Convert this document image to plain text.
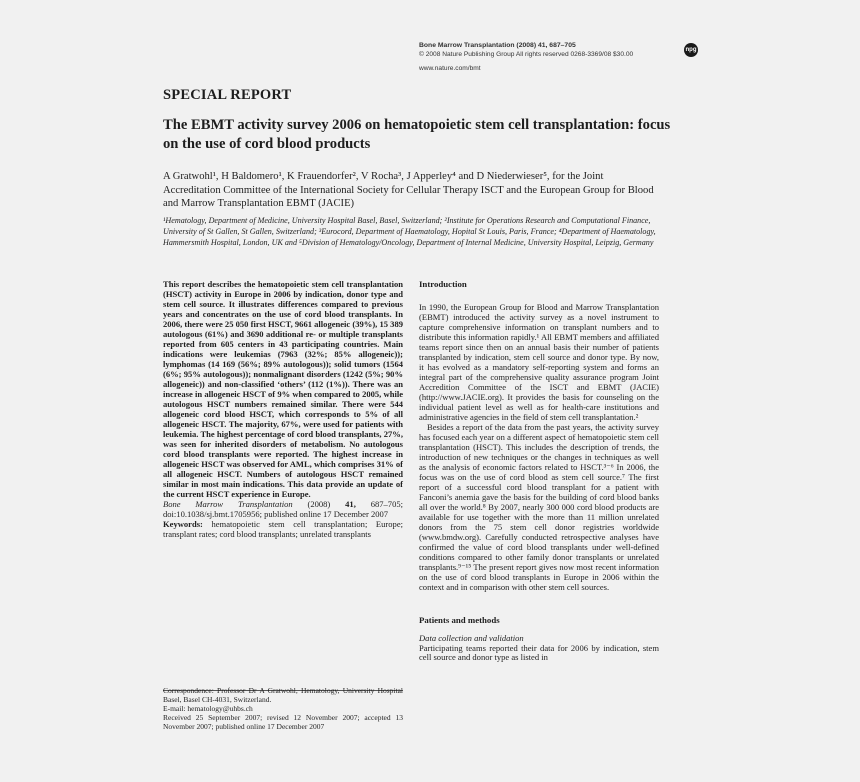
Bone Marrow Transplantation (2008) 41, 687–705
© 2008 Nature Publishing Group All rights reserved 0268-3369/08 $30.00
www.nature.com/bmt
npg
SPECIAL REPORT
The EBMT activity survey 2006 on hematopoietic stem cell transplantation: focus on the use of cord blood products
A Gratwohl¹, H Baldomero¹, K Frauendorfer², V Rocha³, J Apperley⁴ and D Niederwieser⁵, for the Joint Accreditation Committee of the International Society for Cellular Therapy ISCT and the European Group for Blood and Marrow Transplantation EBMT (JACIE)
¹Hematology, Department of Medicine, University Hospital Basel, Basel, Switzerland; ²Institute for Operations Research and Computational Finance, University of St Gallen, St Gallen, Switzerland; ³Eurocord, Department of Haematology, Hopital St Louis, Paris, France; ⁴Department of Haematology, Hammersmith Hospital, London, UK and ⁵Division of Hematology/Oncology, Department of Internal Medicine, University Hospital, Leipzig, Germany

This report describes the hematopoietic stem cell transplantation (HSCT) activity in Europe in 2006 by indication, donor type and stem cell source. It illustrates differences compared to previous years and concentrates on the use of cord blood transplants. In 2006, there were 25 050 first HSCT, 9661 allogeneic (39%), 15 389 autologous (61%) and 3690 additional re- or multiple transplants reported from 605 centers in 43 participating countries. Main indications were leukemias (7963 (32%; 85% allogeneic)); lymphomas (14 169 (56%; 89% autologous)); solid tumors (1564 (6%; 95% autologous)); nonmalignant disorders (1242 (5%; 90% allogeneic)) and non-classified ‘others’ (112 (1%)). There was an increase in allogeneic HSCT of 9% when compared to 2005, while autologous HSCT numbers remained similar. There were 544 allogeneic cord blood HSCT, which corresponds to 5% of all allogeneic HSCT. The majority, 67%, were used for patients with leukemia. The highest percentage of cord blood transplants, 27%, was seen for inherited disorders of metabolism. No autologous cord blood transplants were reported. The highest increase in allogeneic HSCT was observed for AML, which comprises 31% of all allogeneic HSCT. Numbers of autologous HSCT remained similar in most main indications. This data provide an update of the current HSCT experience in Europe.

Bone Marrow Transplantation (2008) 41, 687–705; doi:10.1038/sj.bmt.1705956; published online 17 December 2007

Keywords: hematopoietic stem cell transplantation; Europe; transplant rates; cord blood transplants; unrelated transplants

Correspondence: Professor Dr A Gratwohl, Hematology, University Hospital Basel, Basel CH-4031, Switzerland.
E-mail: hematology@uhbs.ch
Received 25 September 2007; revised 12 November 2007; accepted 13 November 2007; published online 17 December 2007

Introduction

In 1990, the European Group for Blood and Marrow Transplantation (EBMT) introduced the activity survey as a novel instrument to capture comprehensive information on transplant numbers and to distribute this information rapidly.¹ All EBMT members and affiliated teams report since then on an annual basis their number of patients transplanted by indication, stem cell source and donor type. By now, it has evolved as a mandatory self-reporting system and forms an integral part of the comprehensive quality assurance program Joint Accredition Committee of the ISCT and EBMT (JACIE) (http://www.JACIE.org). It provides the basis for counseling on the individual patient level as well as for health-care institutions and administrative agencies in the field of stem cell transplantation.²

Besides a report of the data from the past years, the activity survey has focused each year on a different aspect of hematopoietic stem cell transplantation (HSCT). This includes the description of trends, the introduction of new techniques or the changes in techniques as well as the analysis of economic factors related to HSCT.³⁻⁶ In 2006, the focus was on the use of cord blood as stem cell source.⁷ The first report of a successful cord blood transplant for a patient with Fanconi’s anemia gave the basis for the building of cord blood banks all over the world.⁸ By 2007, nearly 300 000 cord blood products are available for use together with the more than 11 million unrelated donors from the 75 stem cell donor registries worldwide (www.bmdw.org). Carefully conducted retrospective analyses have confirmed the value of cord blood transplants under well-defined conditions compared to other family donor transplants or unrelated transplants.⁹⁻¹⁵ The present report gives now most recent information on the use of cord blood transplants in Europe in 2006 within the context and in comparison with other stem cell sources.

Patients and methods

Data collection and validation

Participating teams reported their data for 2006 by indication, stem cell source and donor type as listed in
